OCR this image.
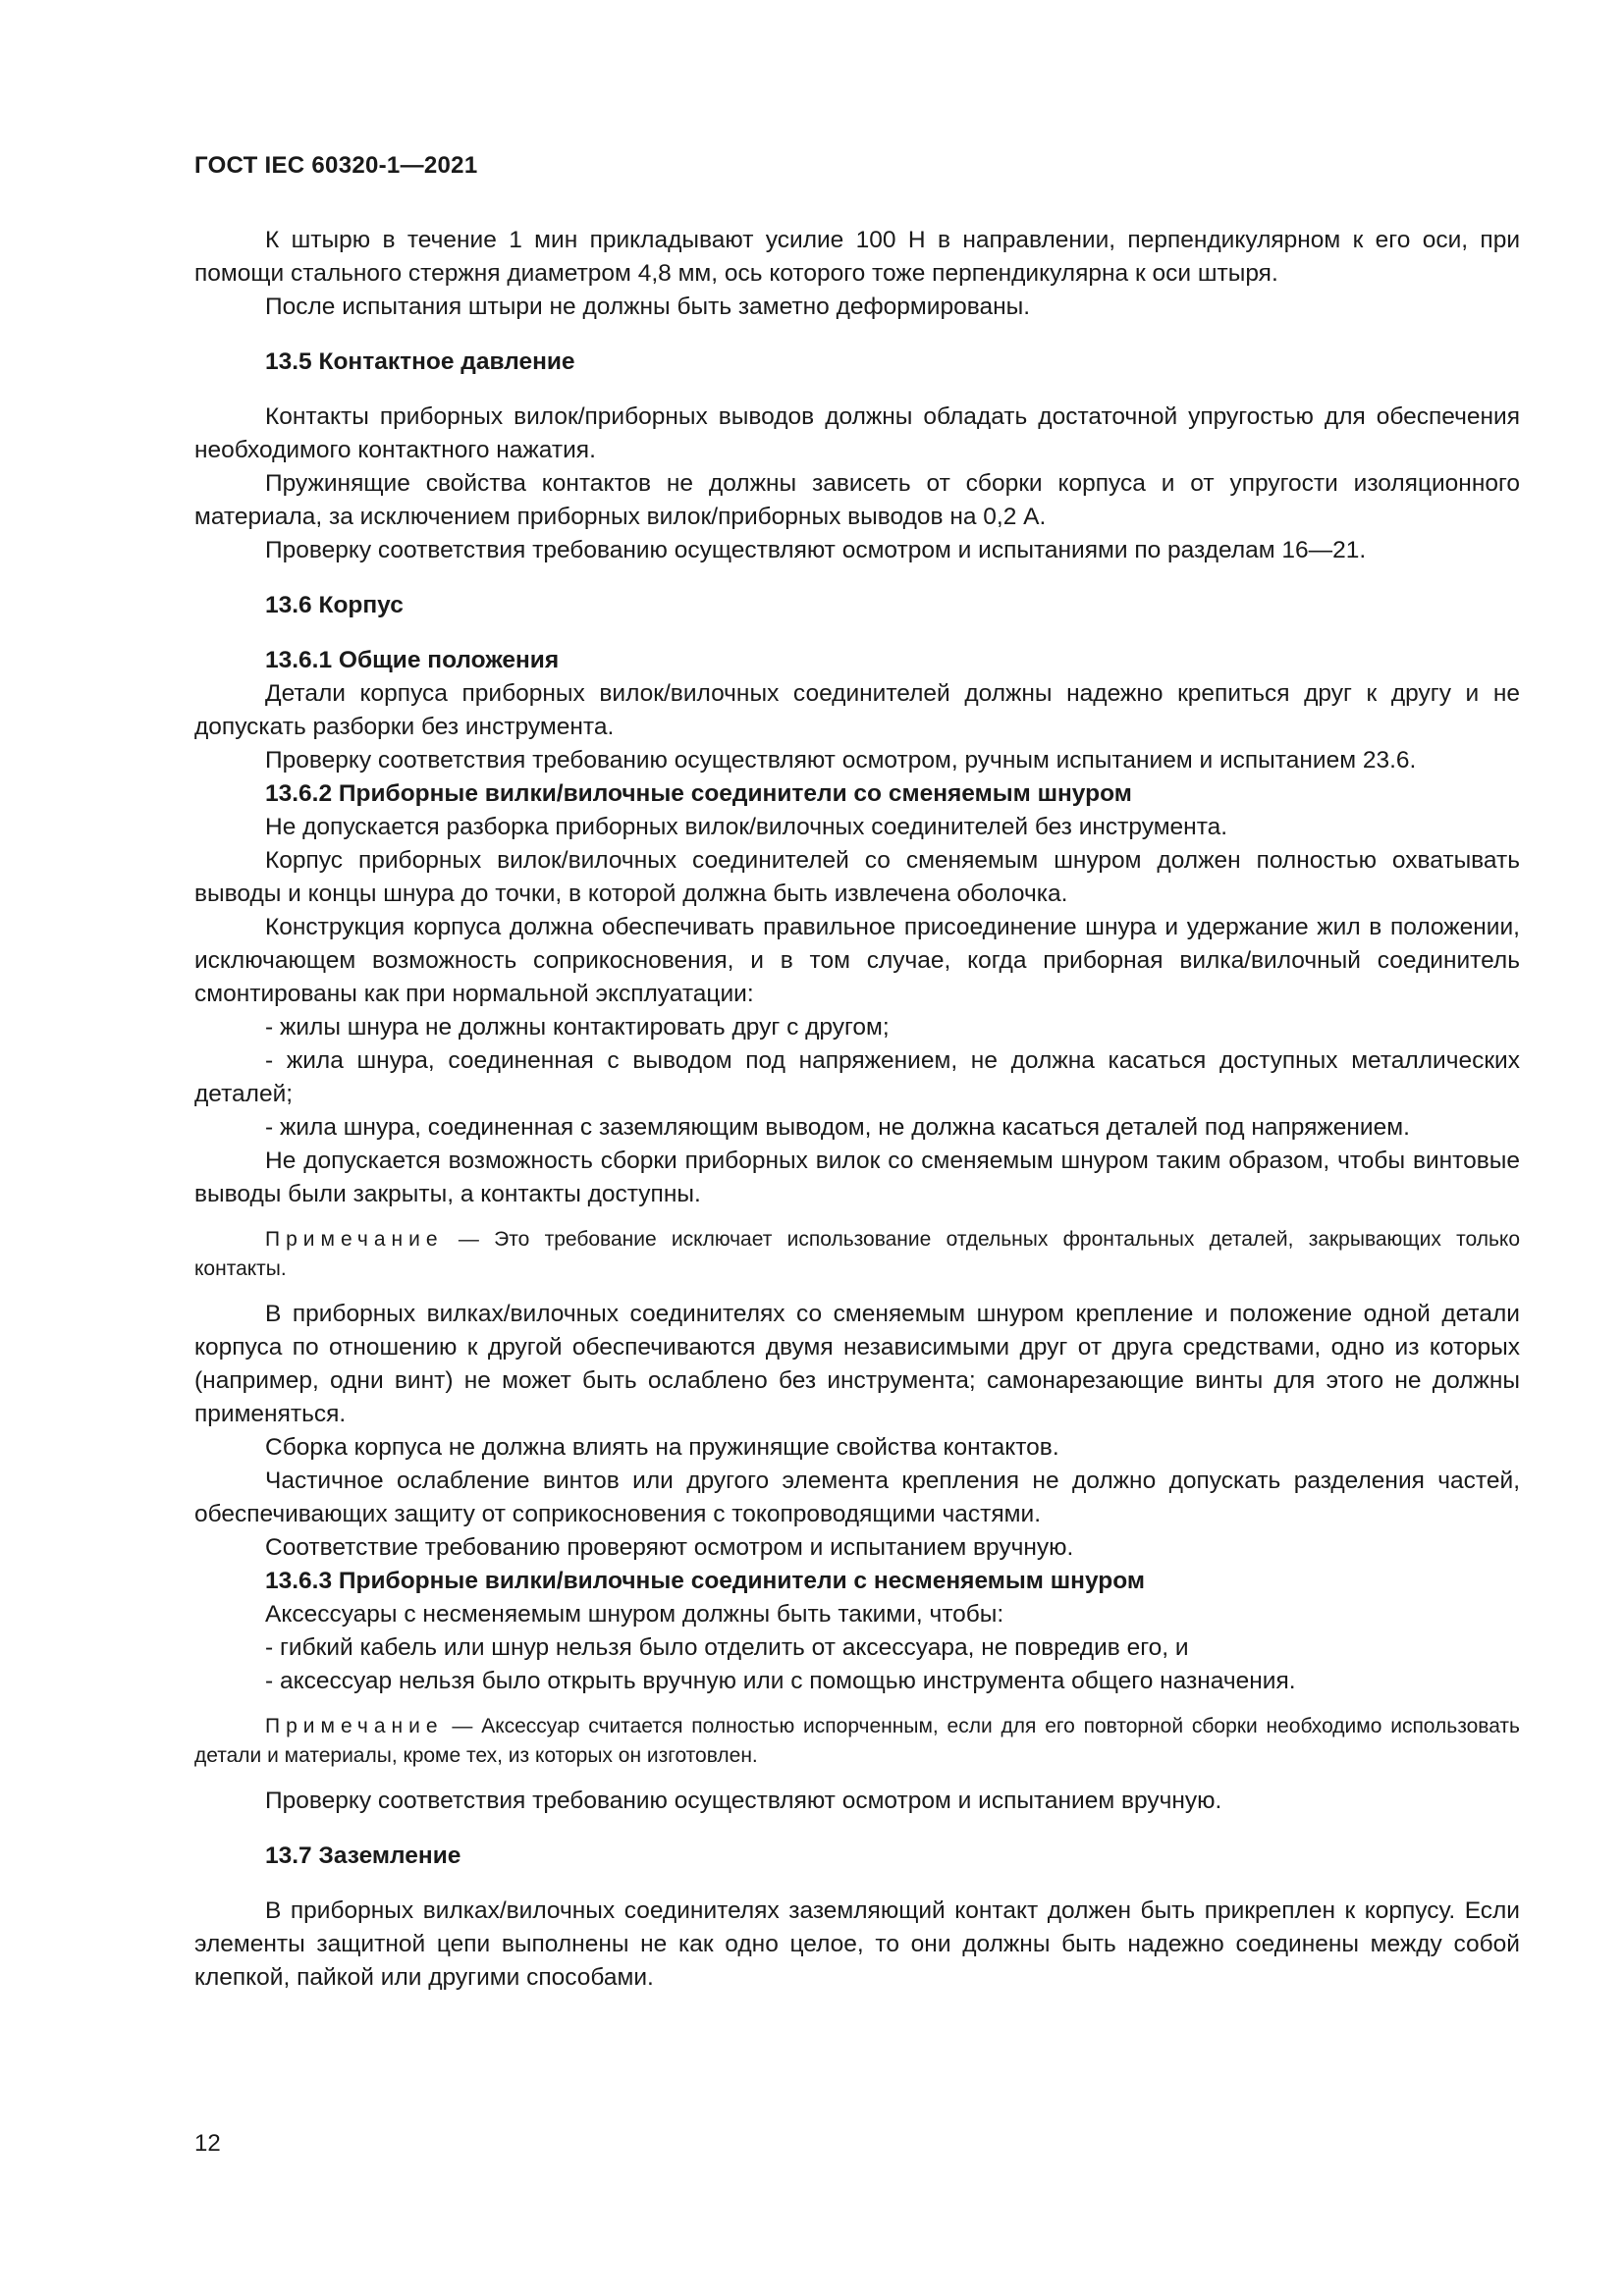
ГОСТ IEC 60320-1—2021

К штырю в течение 1 мин прикладывают усилие 100 Н в направлении, перпендикулярном к его оси, при помощи стального стержня диаметром 4,8 мм, ось которого тоже перпендикулярна к оси штыря.

После испытания штыри не должны быть заметно деформированы.

13.5 Контактное давление

Контакты приборных вилок/приборных выводов должны обладать достаточной упругостью для обеспечения необходимого контактного нажатия.

Пружинящие свойства контактов не должны зависеть от сборки корпуса и от упругости изоляционного материала, за исключением приборных вилок/приборных выводов на 0,2 А.

Проверку соответствия требованию осуществляют осмотром и испытаниями по разделам 16—21.

13.6 Корпус

13.6.1 Общие положения

Детали корпуса приборных вилок/вилочных соединителей должны надежно крепиться друг к другу и не допускать разборки без инструмента.

Проверку соответствия требованию осуществляют осмотром, ручным испытанием и испытанием 23.6.

13.6.2 Приборные вилки/вилочные соединители со сменяемым шнуром

Не допускается разборка приборных вилок/вилочных соединителей без инструмента.

Корпус приборных вилок/вилочных соединителей со сменяемым шнуром должен полностью охватывать выводы и концы шнура до точки, в которой должна быть извлечена оболочка.

Конструкция корпуса должна обеспечивать правильное присоединение шнура и удержание жил в положении, исключающем возможность соприкосновения, и в том случае, когда приборная вилка/вилочный соединитель смонтированы как при нормальной эксплуатации:

- жилы шнура не должны контактировать друг с другом;

- жила шнура, соединенная с выводом под напряжением, не должна касаться доступных металлических деталей;

- жила шнура, соединенная с заземляющим выводом, не должна касаться деталей под напряжением.

Не допускается возможность сборки приборных вилок со сменяемым шнуром таким образом, чтобы винтовые выводы были закрыты, а контакты доступны.

Примечание — Это требование исключает использование отдельных фронтальных деталей, закрывающих только контакты.

В приборных вилках/вилочных соединителях со сменяемым шнуром крепление и положение одной детали корпуса по отношению к другой обеспечиваются двумя независимыми друг от друга средствами, одно из которых (например, одни винт) не может быть ослаблено без инструмента; самонарезающие винты для этого не должны применяться.

Сборка корпуса не должна влиять на пружинящие свойства контактов.

Частичное ослабление винтов или другого элемента крепления не должно допускать разделения частей, обеспечивающих защиту от соприкосновения с токопроводящими частями.

Соответствие требованию проверяют осмотром и испытанием вручную.

13.6.3 Приборные вилки/вилочные соединители с несменяемым шнуром

Аксессуары с несменяемым шнуром должны быть такими, чтобы:

- гибкий кабель или шнур нельзя было отделить от аксессуара, не повредив его, и

- аксессуар нельзя было открыть вручную или с помощью инструмента общего назначения.

Примечание — Аксессуар считается полностью испорченным, если для его повторной сборки необходимо использовать детали и материалы, кроме тех, из которых он изготовлен.

Проверку соответствия требованию осуществляют осмотром и испытанием вручную.

13.7 Заземление

В приборных вилках/вилочных соединителях заземляющий контакт должен быть прикреплен к корпусу. Если элементы защитной цепи выполнены не как одно целое, то они должны быть надежно соединены между собой клепкой, пайкой или другими способами.

12
